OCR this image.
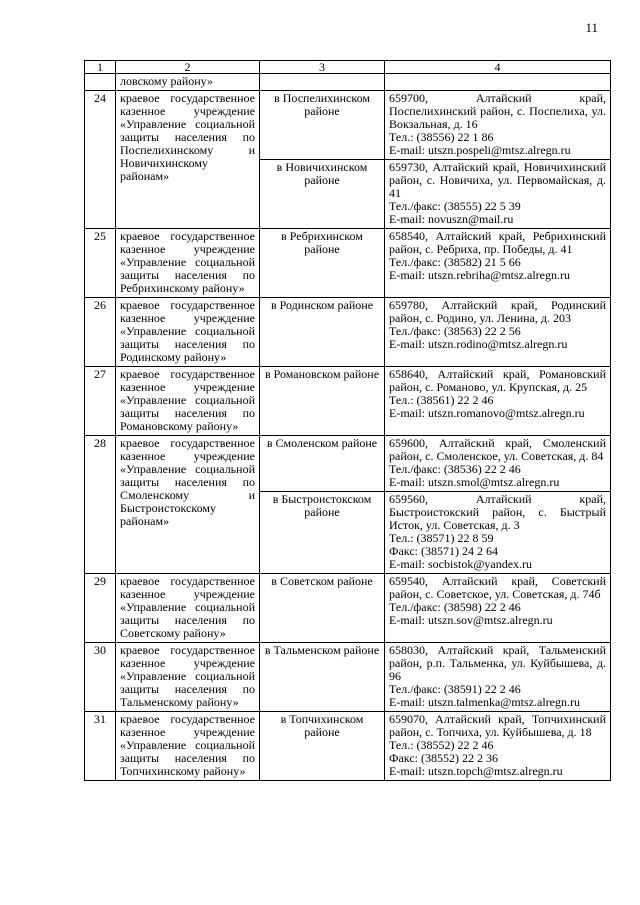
11
1	2	3	4
	ловскому району»		
24	краевое государственное казенное учреждение «Управление социальной защиты населения по Поспелихинскому и Новичихинскому районам»	в Поспелихинском районе	659700, Алтайский край, Поспелихинский район, с. Поспелиха, ул. Вокзальная, д. 16
Тел.: (38556) 22 1 86
E-mail: utszn.pospeli@mtsz.alregn.ru

		в Новичихинском районе	659730, Алтайский край, Новичихинский район, с. Новичиха, ул. Первомайская, д. 41
Тел./факс: (38555) 22 5 39
E-mail: novuszn@mail.ru

25	краевое государственное казенное учреждение «Управление социальной защиты населения по Ребрихинскому району»	в Ребрихинском районе	658540, Алтайский край, Ребрихинский район, с. Ребриха, пр. Победы, д. 41
Тел./факс: (38582) 21 5 66
E-mail: utszn.rebriha@mtsz.alregn.ru

26	краевое государственное казенное учреждение «Управление социальной защиты населения по Родинскому району»	в Родинском районе	659780, Алтайский край, Родинский район, с. Родино, ул. Ленина, д. 203
Тел./факс: (38563) 22 2 56
E-mail: utszn.rodino@mtsz.alregn.ru

27	краевое государственное казенное учреждение «Управление социальной защиты населения по Романовскому району»	в Романовском районе	658640, Алтайский край, Романовский район, с. Романово, ул. Крупская, д. 25
Тел.: (38561) 22 2 46
E-mail: utszn.romanovo@mtsz.alregn.ru

28	краевое государственное казенное учреждение «Управление социальной защиты населения по Смоленскому и Быстроистокскому районам»	в Смоленском районе	659600, Алтайский край, Смоленский район, с. Смоленское, ул. Советская, д. 84
Тел./факс: (38536) 22 2 46
E-mail: utszn.smol@mtsz.alregn.ru

		в Быстроистокском районе	659560, Алтайский край, Быстроистокский район, с. Быстрый Исток, ул. Советская, д. 3
Тел.: (38571) 22 8 59
Факс: (38571) 24 2 64
E-mail: socbistok@yandex.ru

29	краевое государственное казенное учреждение «Управление социальной защиты населения по Советскому району»	в Советском районе	659540, Алтайский край, Советский район, с. Советское, ул. Советская, д. 74б
Тел./факс: (38598) 22 2 46
E-mail: utszn.sov@mtsz.alregn.ru

30	краевое государственное казенное учреждение «Управление социальной защиты населения по Тальменскому району»	в Тальменском районе	658030, Алтайский край, Тальменский район, р.п. Тальменка, ул. Куйбышева, д. 96
Тел./факс: (38591) 22 2 46
E-mail: utszn.talmenka@mtsz.alregn.ru

31	краевое государственное казенное учреждение «Управление социальной защиты населения по Топчихинскому району»	в Топчихинском районе	659070, Алтайский край, Топчихинский район, с. Топчиха, ул. Куйбышева, д. 18
Тел.: (38552) 22 2 46
Факс: (38552) 22 2 36
E-mail: utszn.topch@mtsz.alregn.ru
